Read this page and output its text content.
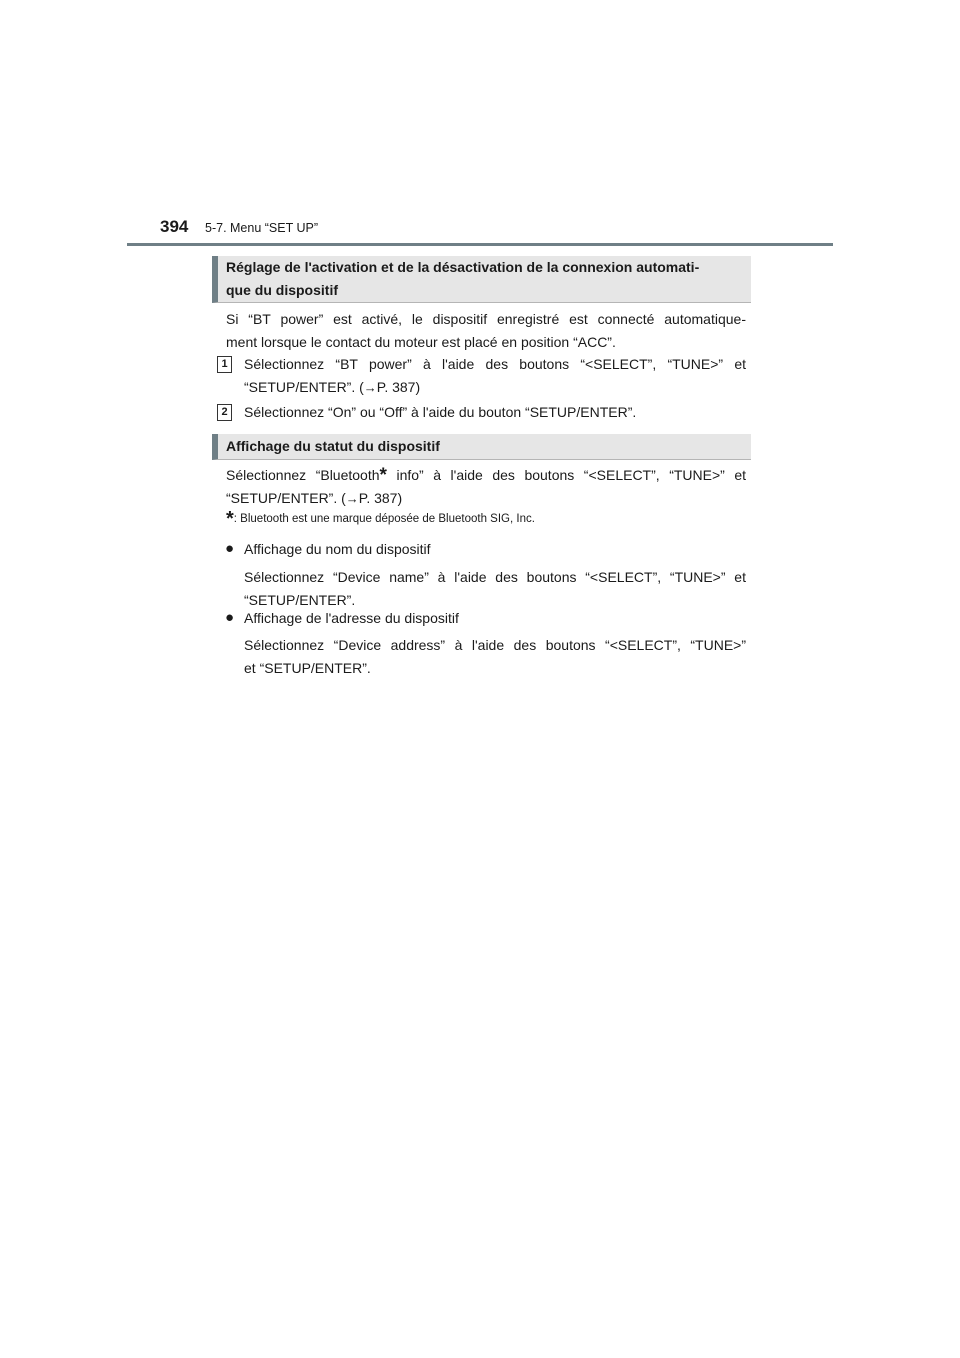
394 5-7. Menu “SET UP”
Réglage de l'activation et de la désactivation de la connexion automati-
que du dispositif
Si “BT power” est activé, le dispositif enregistré est connecté automatique-
ment lorsque le contact du moteur est placé en position “ACC”.
1	Sélectionnez “BT power” à l'aide des boutons “<SELECT”, “TUNE>” et
“SETUP/ENTER”. (→P. 387)
2	Sélectionnez “On” ou “Off” à l'aide du bouton “SETUP/ENTER”.
Affichage du statut du dispositif
Sélectionnez “Bluetooth* info” à l'aide des boutons “<SELECT”, “TUNE>” et
“SETUP/ENTER”. (→P. 387)
*: Bluetooth est une marque déposée de Bluetooth SIG, Inc.
● Affichage du nom du dispositif
Sélectionnez “Device name” à l'aide des boutons “<SELECT”, “TUNE>” et
“SETUP/ENTER”.
● Affichage de l'adresse du dispositif
Sélectionnez “Device address” à l'aide des boutons “<SELECT”, “TUNE>”
et “SETUP/ENTER”.
